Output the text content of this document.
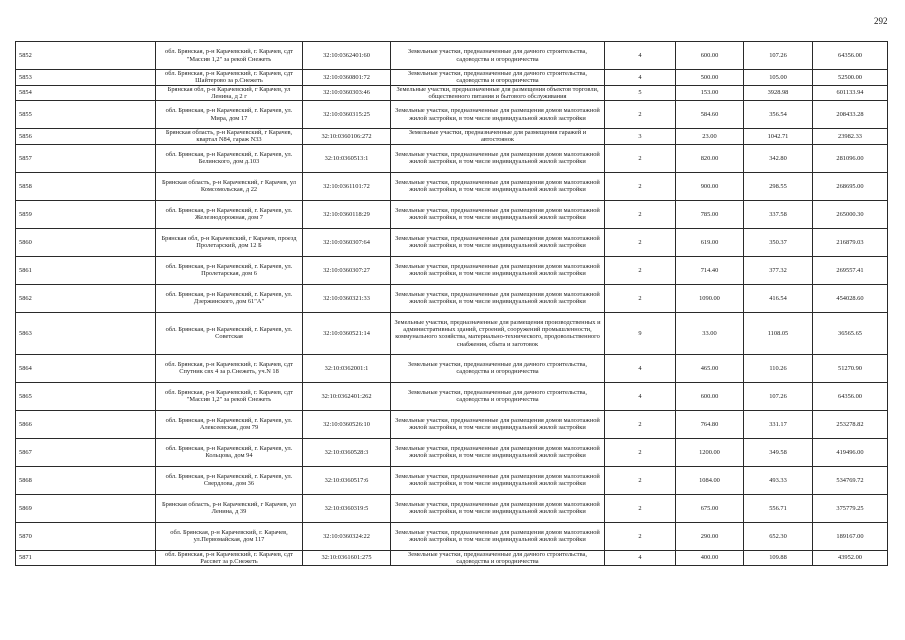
292
5852	обл. Брянская, р-н Карачевский, г. Карачев, сдт "Массив 1,2" за рекой Снежеть	32:10:0362401:60	Земельные участки, предназначенные для дачного строительства, садоводства и огородничества	4	600.00	107.26	64356.00
5853	обл. Брянская, р-н Карачевский, г. Карачев, сдт Шайтерово за р.Снежеть	32:10:0360801:72	Земельные участки, предназначенные для дачного строительства, садоводства и огородничества	4	500.00	105.00	52500.00
5854	Брянская обл, р-н Карачевский, г Карачев, ул Ленина, д 2 г	32:10:0360303:46	Земельные участки, предназначенные для размещения объектов торговли, общественного питания и бытового обслуживания	5	153.00	3928.98	601133.94
5855	обл. Брянская, р-н Карачевский, г. Карачев, ул. Мира, дом 17	32:10:0360315:25	Земельные участки, предназначенные для размещения домов малоэтажной жилой застройки, в том числе индивидуальной жилой застройки	2	584.60	356.54	208433.28
5856	Брянская область, р-н Карачевский, г Карачев, квартал N84, гараж N33	32:10:0360106:272	Земельные участки, предназначенные для размещения гаражей и автостоянок	3	23.00	1042.71	23982.33
5857	обл. Брянская, р-н Карачевский, г. Карачев, ул. Белинского, дом д.103	32:10:0360513:1	Земельные участки, предназначенные для размещения домов малоэтажной жилой застройки, в том числе индивидуальной жилой застройки	2	820.00	342.80	281096.00
5858	Брянская область, р-н Карачевский, г Карачев, ул Комсомольская, д 22	32:10:0361101:72	Земельные участки, предназначенные для размещения домов малоэтажной жилой застройки, в том числе индивидуальной жилой застройки	2	900.00	298.55	268695.00
5859	обл. Брянская, р-н Карачевский, г. Карачев, ул. Железнодорожная, дом 7	32:10:0360118:29	Земельные участки, предназначенные для размещения домов малоэтажной жилой застройки, в том числе индивидуальной жилой застройки	2	785.00	337.58	265000.30
5860	Брянская обл, р-н Карачевский, г Карачев, проезд Пролетарский, дом 12 Б	32:10:0360307:64	Земельные участки, предназначенные для размещения домов малоэтажной жилой застройки, в том числе индивидуальной жилой застройки	2	619.00	350.37	216879.03
5861	обл. Брянская, р-н Карачевский, г. Карачев, ул. Пролетарская, дом 6	32:10:0360307:27	Земельные участки, предназначенные для размещения домов малоэтажной жилой застройки, в том числе индивидуальной жилой застройки	2	714.40	377.32	269557.41
5862	обл. Брянская, р-н Карачевский, г. Карачев, ул. Дзержинского, дом 61"А"	32:10:0360321:33	Земельные участки, предназначенные для размещения домов малоэтажной жилой застройки, в том числе индивидуальной жилой застройки	2	1090.00	416.54	454028.60
5863	обл. Брянская, р-н Карачевский, г. Карачев, ул. Советская	32:10:0360521:14	Земельные участки, предназначенные для размещения производственных и административных зданий, строений, сооружений промышленности, коммунального хозяйства, материально-технического, продовольственного снабжения, сбыта и заготовок	9	33.00	1108.05	36565.65
5864	обл. Брянская, р-н Карачевский, г. Карачев, сдт Спутник свх 4 за р.Снежеть, уч.N 18	32:10:0362001:1	Земельные участки, предназначенные для дачного строительства, садоводства и огородничества	4	465.00	110.26	51270.90
5865	обл. Брянская, р-н Карачевский, г. Карачев, сдт "Массив 1,2" за рекой Снежеть	32:10:0362401:262	Земельные участки, предназначенные для дачного строительства, садоводства и огородничества	4	600.00	107.26	64356.00
5866	обл. Брянская, р-н Карачевский, г. Карачев, ул. Алексеевская, дом 79	32:10:0360526:10	Земельные участки, предназначенные для размещения домов малоэтажной жилой застройки, в том числе индивидуальной жилой застройки	2	764.80	331.17	253278.82
5867	обл. Брянская, р-н Карачевский, г. Карачев, ул. Кольцова, дом 94	32:10:0360528:3	Земельные участки, предназначенные для размещения домов малоэтажной жилой застройки, в том числе индивидуальной жилой застройки	2	1200.00	349.58	419496.00
5868	обл. Брянская, р-н Карачевский, г. Карачев, ул. Свердлова, дом 36	32:10:0360517:6	Земельные участки, предназначенные для размещения домов малоэтажной жилой застройки, в том числе индивидуальной жилой застройки	2	1084.00	493.33	534769.72
5869	Брянская область, р-н Карачевский, г Карачев, ул Ленина, д 39	32:10:0360319:5	Земельные участки, предназначенные для размещения домов малоэтажной жилой застройки, в том числе индивидуальной жилой застройки	2	675.00	556.71	375779.25
5870	обл. Брянская, р-н Карачевский, г. Карачев, ул.Первомайская, дом 117	32:10:0360324:22	Земельные участки, предназначенные для размещения домов малоэтажной жилой застройки, в том числе индивидуальной жилой застройки	2	290.00	652.30	189167.00
5871	обл. Брянская, р-н Карачевский, г. Карачев, сдт Рассвет за р.Снежеть	32:10:0361601:275	Земельные участки, предназначенные для дачного строительства, садоводства и огородничества	4	400.00	109.88	43952.00
